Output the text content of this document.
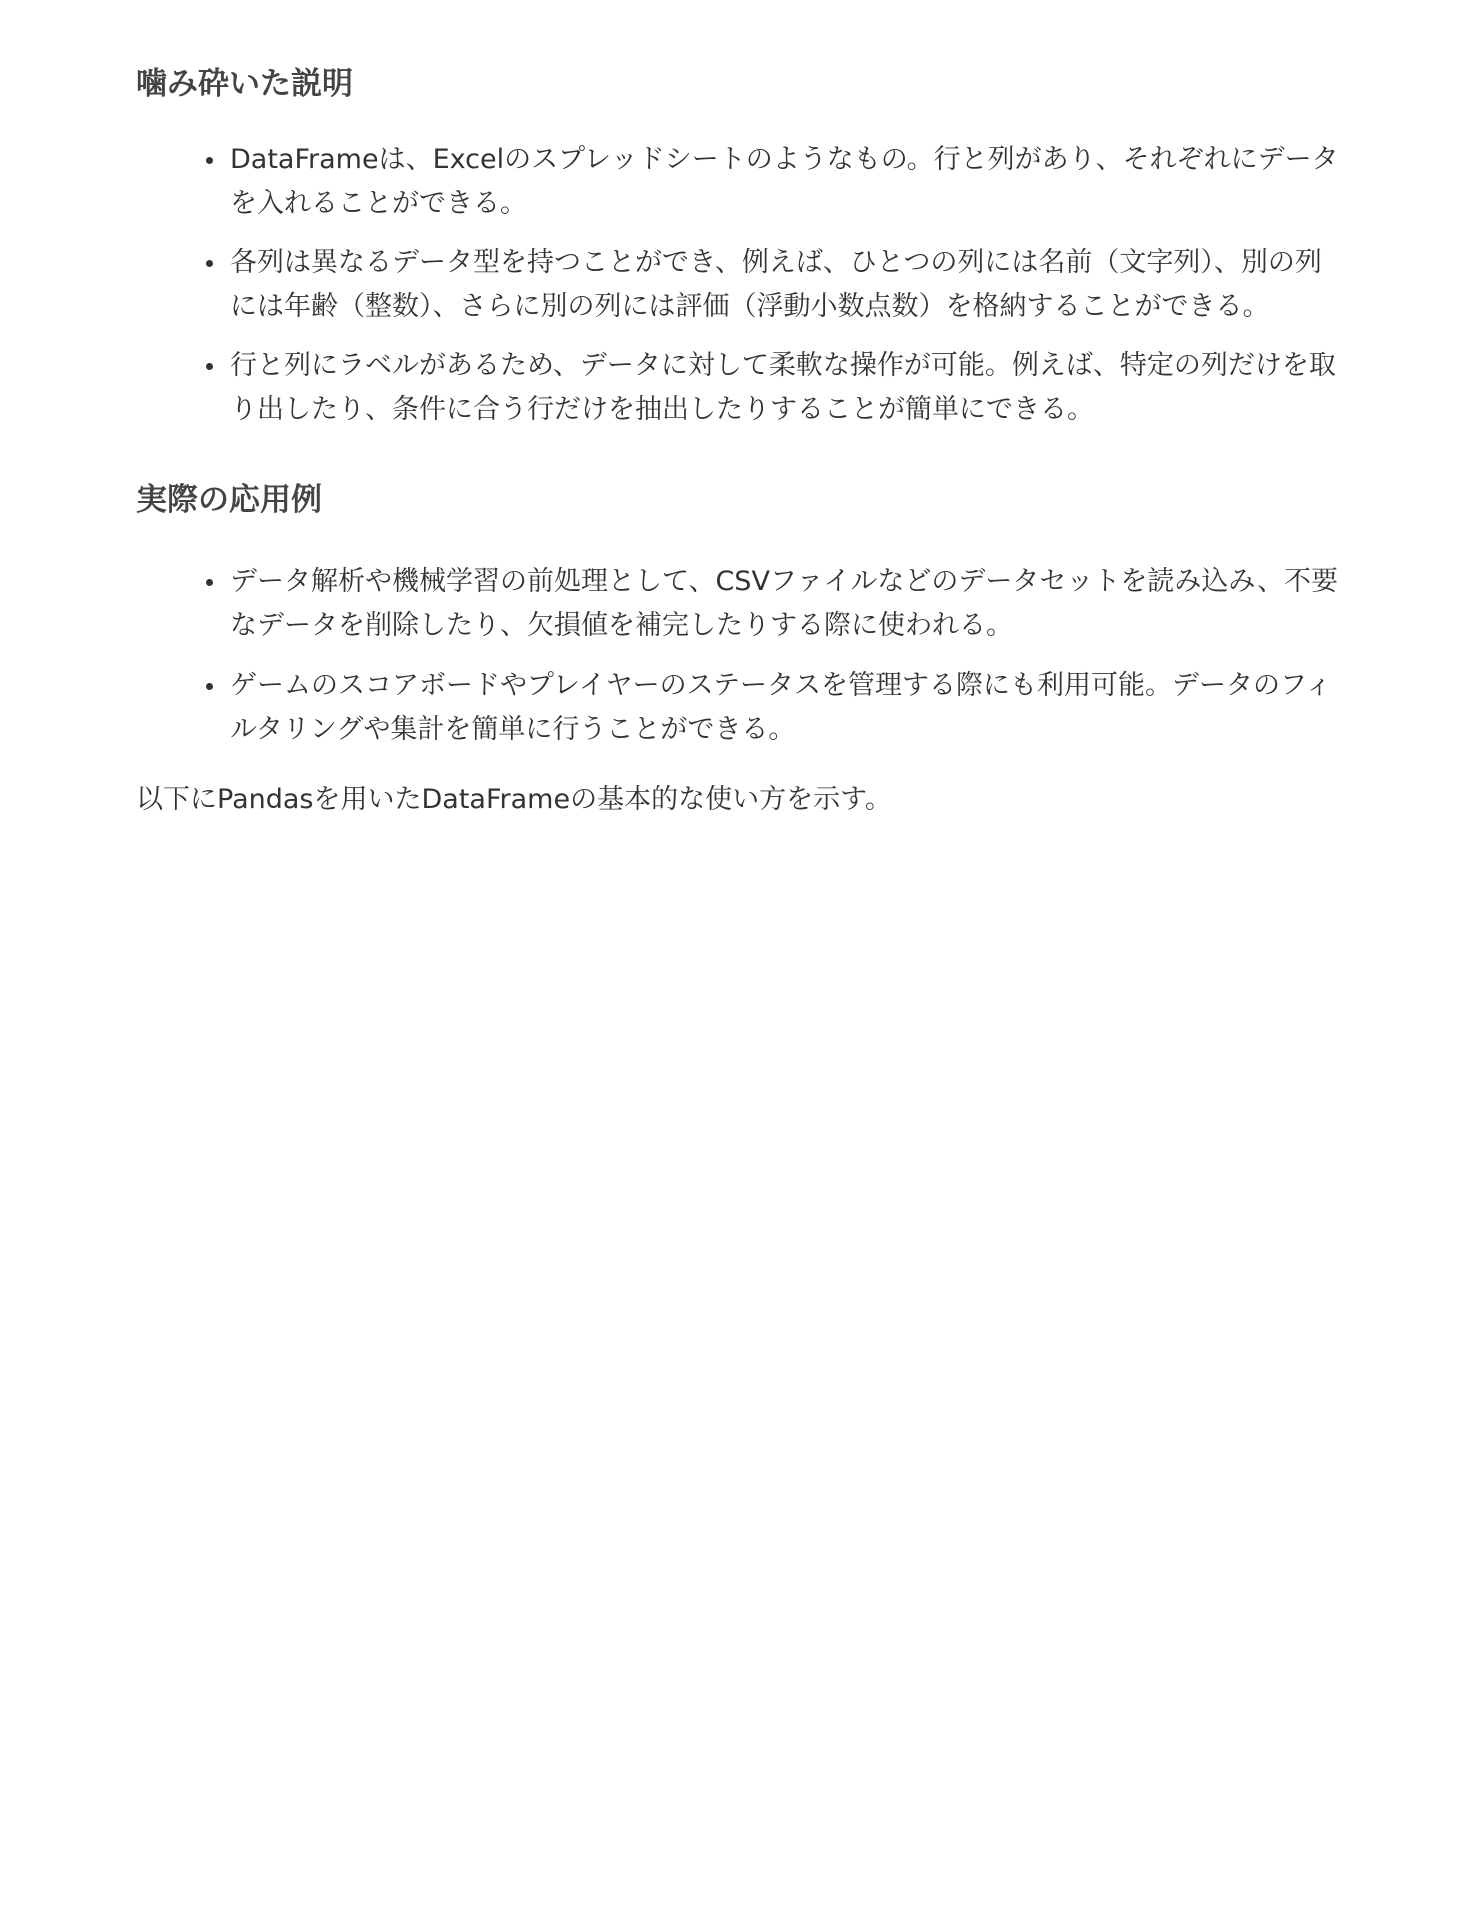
噛み砕いた説明
DataFrameは、Excelのスプレッドシートのようなもの。行と列があり、それぞれにデータを入れることができる。
各列は異なるデータ型を持つことができ、例えば、ひとつの列には名前（文字列）、別の列には年齢（整数）、さらに別の列には評価（浮動小数点数）を格納することができる。
行と列にラベルがあるため、データに対して柔軟な操作が可能。例えば、特定の列だけを取り出したり、条件に合う行だけを抽出したりすることが簡単にできる。
実際の応用例
データ解析や機械学習の前処理として、CSVファイルなどのデータセットを読み込み、不要なデータを削除したり、欠損値を補完したりする際に使われる。
ゲームのスコアボードやプレイヤーのステータスを管理する際にも利用可能。データのフィルタリングや集計を簡単に行うことができる。

以下にPandasを用いたDataFrameの基本的な使い方を示す。
